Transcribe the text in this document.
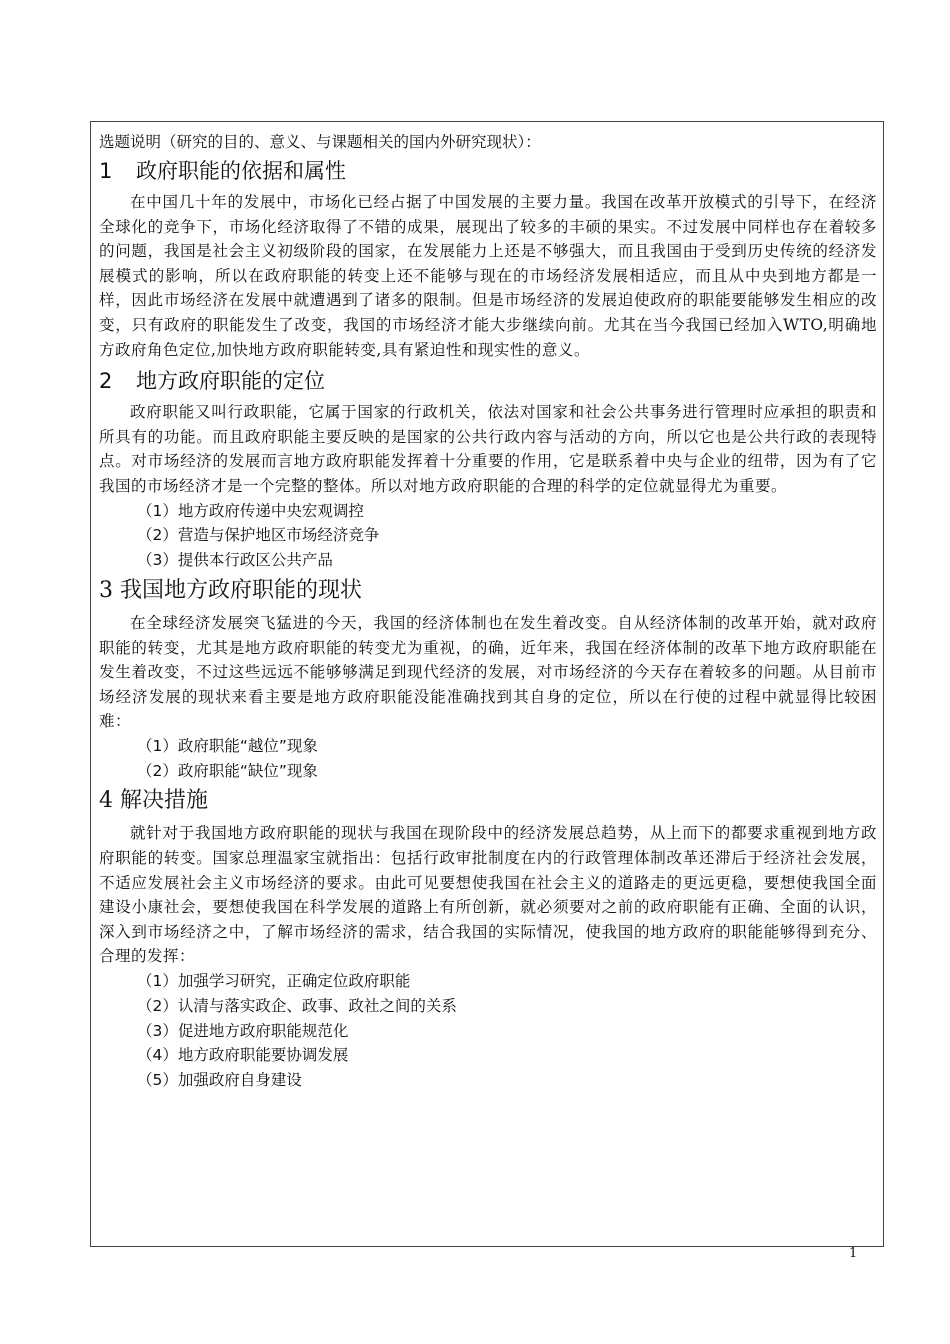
选题说明（研究的目的、意义、与课题相关的国内外研究现状）：

1 政府职能的依据和属性

在中国几十年的发展中，市场化已经占据了中国发展的主要力量。我国在改革开放模式的引导下，在经济全球化的竞争下，市场化经济取得了不错的成果，展现出了较多的丰硕的果实。不过发展中同样也存在着较多的问题，我国是社会主义初级阶段的国家，在发展能力上还是不够强大，而且我国由于受到历史传统的经济发展模式的影响，所以在政府职能的转变上还不能够与现在的市场经济发展相适应，而且从中央到地方都是一样，因此市场经济在发展中就遭遇到了诸多的限制。但是市场经济的发展迫使政府的职能要能够发生相应的改变，只有政府的职能发生了改变，我国的市场经济才能大步继续向前。尤其在当今我国已经加入WTO,明确地方政府角色定位,加快地方政府职能转变,具有紧迫性和现实性的意义。

2 地方政府职能的定位

政府职能又叫行政职能，它属于国家的行政机关，依法对国家和社会公共事务进行管理时应承担的职责和所具有的功能。而且政府职能主要反映的是国家的公共行政内容与活动的方向，所以它也是公共行政的表现特点。对市场经济的发展而言地方政府职能发挥着十分重要的作用，它是联系着中央与企业的纽带，因为有了它我国的市场经济才是一个完整的整体。所以对地方政府职能的合理的科学的定位就显得尤为重要。

（1）地方政府传递中央宏观调控

（2）营造与保护地区市场经济竞争

（3）提供本行政区公共产品

3 我国地方政府职能的现状

在全球经济发展突飞猛进的今天，我国的经济体制也在发生着改变。自从经济体制的改革开始，就对政府职能的转变，尤其是地方政府职能的转变尤为重视，的确，近年来，我国在经济体制的改革下地方政府职能在发生着改变，不过这些远远不能够够满足到现代经济的发展，对市场经济的今天存在着较多的问题。从目前市场经济发展的现状来看主要是地方政府职能没能准确找到其自身的定位，所以在行使的过程中就显得比较困难：

（1）政府职能“越位”现象

（2）政府职能“缺位”现象

4 解决措施

就针对于我国地方政府职能的现状与我国在现阶段中的经济发展总趋势，从上而下的都要求重视到地方政府职能的转变。国家总理温家宝就指出：包括行政审批制度在内的行政管理体制改革还滞后于经济社会发展，不适应发展社会主义市场经济的要求。由此可见要想使我国在社会主义的道路走的更远更稳，要想使我国全面建设小康社会，要想使我国在科学发展的道路上有所创新，就必须要对之前的政府职能有正确、全面的认识，深入到市场经济之中，了解市场经济的需求，结合我国的实际情况，使我国的地方政府的职能能够得到充分、合理的发挥：

（1）加强学习研究，正确定位政府职能

（2）认清与落实政企、政事、政社之间的关系

（3）促进地方政府职能规范化

（4）地方政府职能要协调发展

（5）加强政府自身建设

1
